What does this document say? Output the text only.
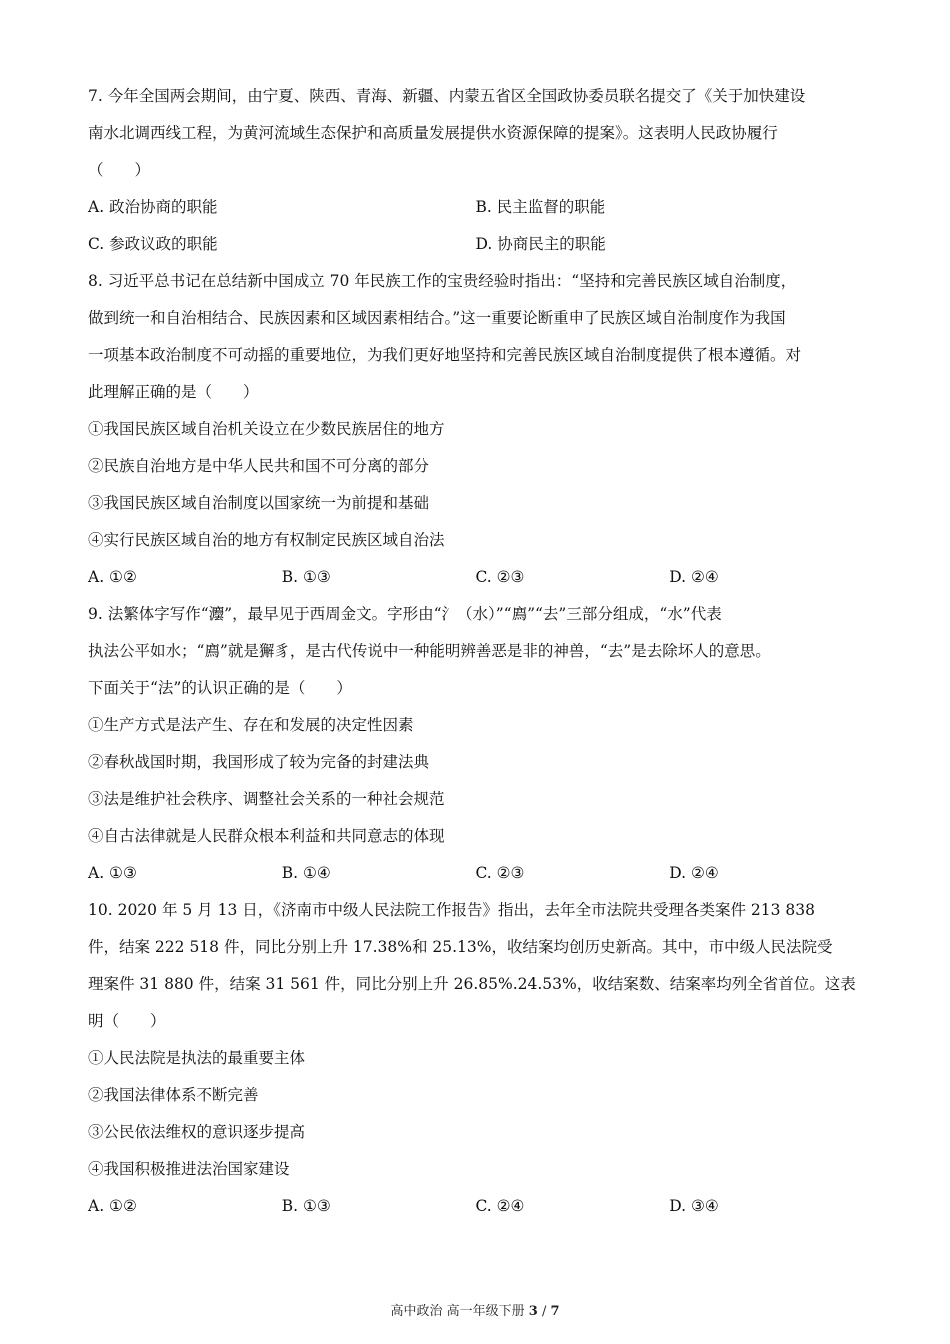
7. 今年全国两会期间，由宁夏、陕西、青海、新疆、内蒙五省区全国政协委员联名提交了《关于加快建设
南水北调西线工程，为黄河流域生态保护和高质量发展提供水资源保障的提案》。这表明人民政协履行
（　　）
A. 政治协商的职能	B. 民主监督的职能
C. 参政议政的职能	D. 协商民主的职能
8. 习近平总书记在总结新中国成立 70 年民族工作的宝贵经验时指出：“坚持和完善民族区域自治制度，
做到统一和自治相结合、民族因素和区域因素相结合。”这一重要论断重申了民族区域自治制度作为我国
一项基本政治制度不可动摇的重要地位，为我们更好地坚持和完善民族区域自治制度提供了根本遵循。对
此理解正确的是（　　）
①我国民族区域自治机关设立在少数民族居住的地方
②民族自治地方是中华人民共和国不可分离的部分
③我国民族区域自治制度以国家统一为前提和基础
④实行民族区域自治的地方有权制定民族区域自治法
A. ①②	B. ①③	C. ②③	D. ②④
9. 法繁体字写作“灋”，最早见于西周金文。字形由“氵（水）”“廌”“去”三部分组成，“水”代表
执法公平如水；“廌”就是獬豸，是古代传说中一种能明辨善恶是非的神兽，“去”是去除坏人的意思。
下面关于“法”的认识正确的是（　　）
①生产方式是法产生、存在和发展的决定性因素
②春秋战国时期，我国形成了较为完备的封建法典
③法是维护社会秩序、调整社会关系的一种社会规范
④自古法律就是人民群众根本利益和共同意志的体现
A. ①③	B. ①④	C. ②③	D. ②④
10. 2020 年 5 月 13 日，《济南市中级人民法院工作报告》指出，去年全市法院共受理各类案件 213 838
件，结案 222 518 件，同比分别上升 17.38%和 25.13%，收结案均创历史新高。其中，市中级人民法院受
理案件 31 880 件，结案 31 561 件，同比分别上升 26.85%.24.53%，收结案数、结案率均列全省首位。这表
明（　　）
①人民法院是执法的最重要主体
②我国法律体系不断完善
③公民依法维权的意识逐步提高
④我国积极推进法治国家建设
A. ①②	B. ①③	C. ②④	D. ③④
高中政治 高一年级下册 3 / 7
